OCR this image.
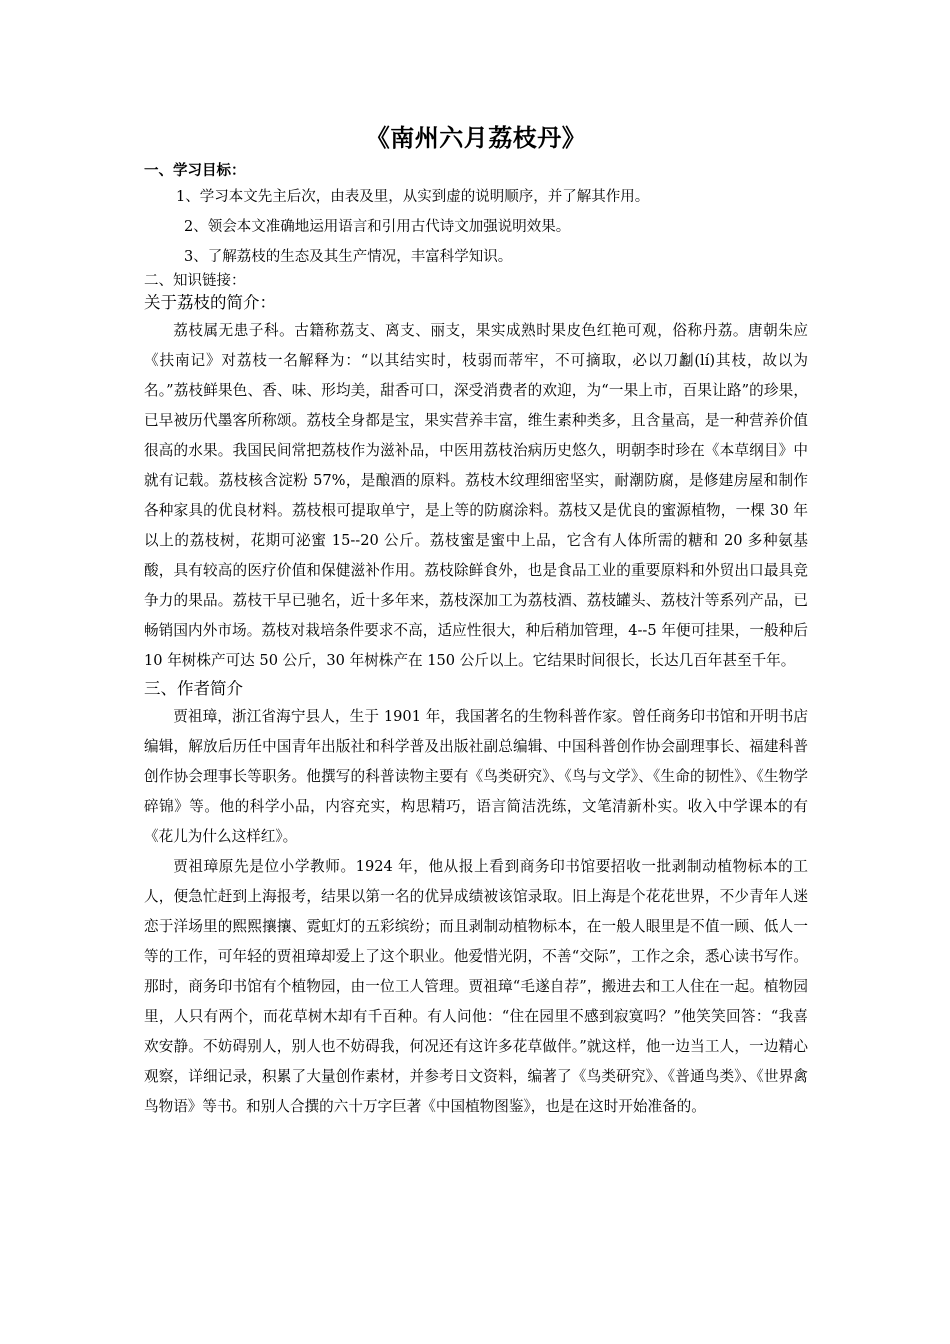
《南州六月荔枝丹》

一、学习目标：

1、学习本文先主后次，由表及里，从实到虚的说明顺序，并了解其作用。

2、领会本文准确地运用语言和引用古代诗文加强说明效果。

3、了解荔枝的生态及其生产情况，丰富科学知识。

二、知识链接：

关于荔枝的简介：

荔枝属无患子科。古籍称荔支、离支、丽支，果实成熟时果皮色红艳可观，俗称丹荔。唐朝朱应《扶南记》对荔枝一名解释为：“以其结实时，枝弱而蒂牢，不可摘取，必以刀劙(lí)其枝，故以为名。”荔枝鲜果色、香、味、形均美，甜香可口，深受消费者的欢迎，为“一果上市，百果让路”的珍果，已早被历代墨客所称颂。荔枝全身都是宝，果实营养丰富，维生素种类多，且含量高，是一种营养价值很高的水果。我国民间常把荔枝作为滋补品，中医用荔枝治病历史悠久，明朝李时珍在《本草纲目》中就有记载。荔枝核含淀粉 57%，是酿酒的原料。荔枝木纹理细密坚实，耐潮防腐，是修建房屋和制作各种家具的优良材料。荔枝根可提取单宁，是上等的防腐涂料。荔枝又是优良的蜜源植物，一棵 30 年以上的荔枝树，花期可泌蜜 15--20 公斤。荔枝蜜是蜜中上品，它含有人体所需的糖和 20 多种氨基酸，具有较高的医疗价值和保健滋补作用。荔枝除鲜食外，也是食品工业的重要原料和外贸出口最具竞争力的果品。荔枝干早已驰名，近十多年来，荔枝深加工为荔枝酒、荔枝罐头、荔枝汁等系列产品，已畅销国内外市场。荔枝对栽培条件要求不高，适应性很大，种后稍加管理，4--5 年便可挂果，一般种后 10 年树株产可达 50 公斤，30 年树株产在 150 公斤以上。它结果时间很长，长达几百年甚至千年。

三、作者简介

贾祖璋，浙江省海宁县人，生于 1901 年，我国著名的生物科普作家。曾任商务印书馆和开明书店编辑，解放后历任中国青年出版社和科学普及出版社副总编辑、中国科普创作协会副理事长、福建科普创作协会理事长等职务。他撰写的科普读物主要有《鸟类研究》、《鸟与文学》、《生命的韧性》、《生物学碎锦》等。他的科学小品，内容充实，构思精巧，语言简洁洗练，文笔清新朴实。收入中学课本的有《花儿为什么这样红》。

贾祖璋原先是位小学教师。1924 年，他从报上看到商务印书馆要招收一批剥制动植物标本的工人，便急忙赶到上海报考，结果以第一名的优异成绩被该馆录取。旧上海是个花花世界，不少青年人迷恋于洋场里的熙熙攘攘、霓虹灯的五彩缤纷；而且剥制动植物标本，在一般人眼里是不值一顾、低人一等的工作，可年轻的贾祖璋却爱上了这个职业。他爱惜光阴，不善“交际”，工作之余，悉心读书写作。那时，商务印书馆有个植物园，由一位工人管理。贾祖璋“毛遂自荐”，搬进去和工人住在一起。植物园里，人只有两个，而花草树木却有千百种。有人问他：“住在园里不感到寂寞吗？”他笑笑回答：“我喜欢安静。不妨碍别人，别人也不妨碍我，何况还有这许多花草做伴。”就这样，他一边当工人，一边精心观察，详细记录，积累了大量创作素材，并参考日文资料，编著了《鸟类研究》、《普通鸟类》、《世界禽鸟物语》等书。和别人合撰的六十万字巨著《中国植物图鉴》，也是在这时开始准备的。
